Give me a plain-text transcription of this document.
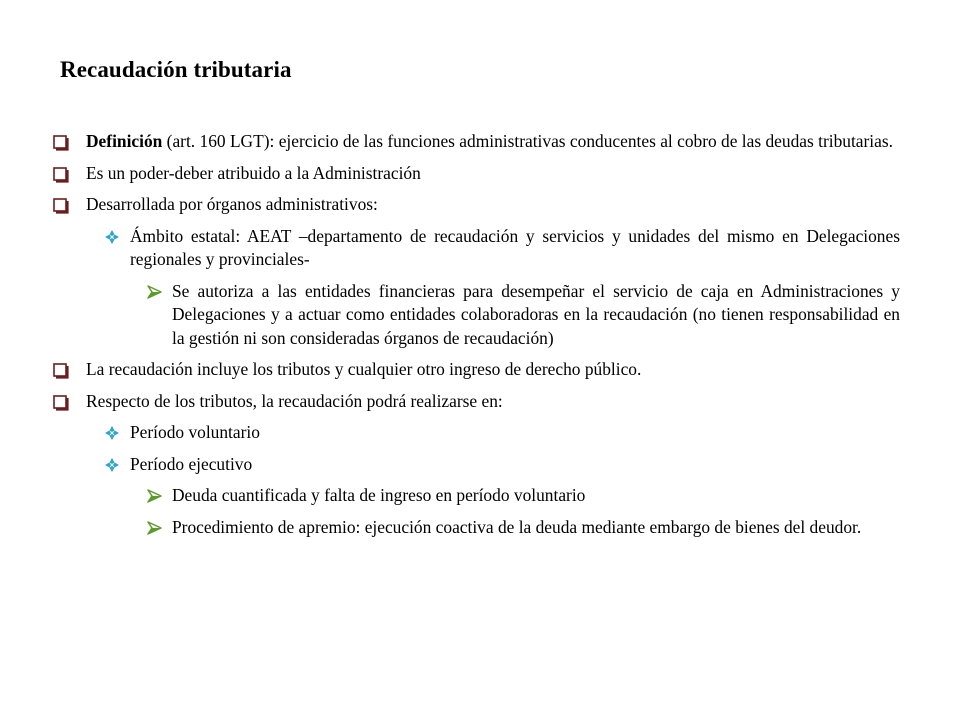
Recaudación tributaria
Definición (art. 160 LGT): ejercicio de las funciones administrativas conducentes al cobro de las deudas tributarias.
Es un poder-deber atribuido a la Administración
Desarrollada por órganos administrativos:
Ámbito estatal: AEAT –departamento de recaudación y servicios y unidades del mismo en Delegaciones regionales y provinciales-
Se autoriza a las entidades financieras para desempeñar el servicio de caja en Administraciones y Delegaciones y a actuar como entidades colaboradoras en la recaudación (no tienen responsabilidad en la gestión ni son consideradas órganos de recaudación)
La recaudación incluye los tributos y cualquier otro ingreso de derecho público.
Respecto de los tributos, la recaudación podrá realizarse en:
Período voluntario
Período ejecutivo
Deuda cuantificada y falta de ingreso en período voluntario
Procedimiento de apremio: ejecución coactiva de la deuda mediante embargo de bienes del deudor.
